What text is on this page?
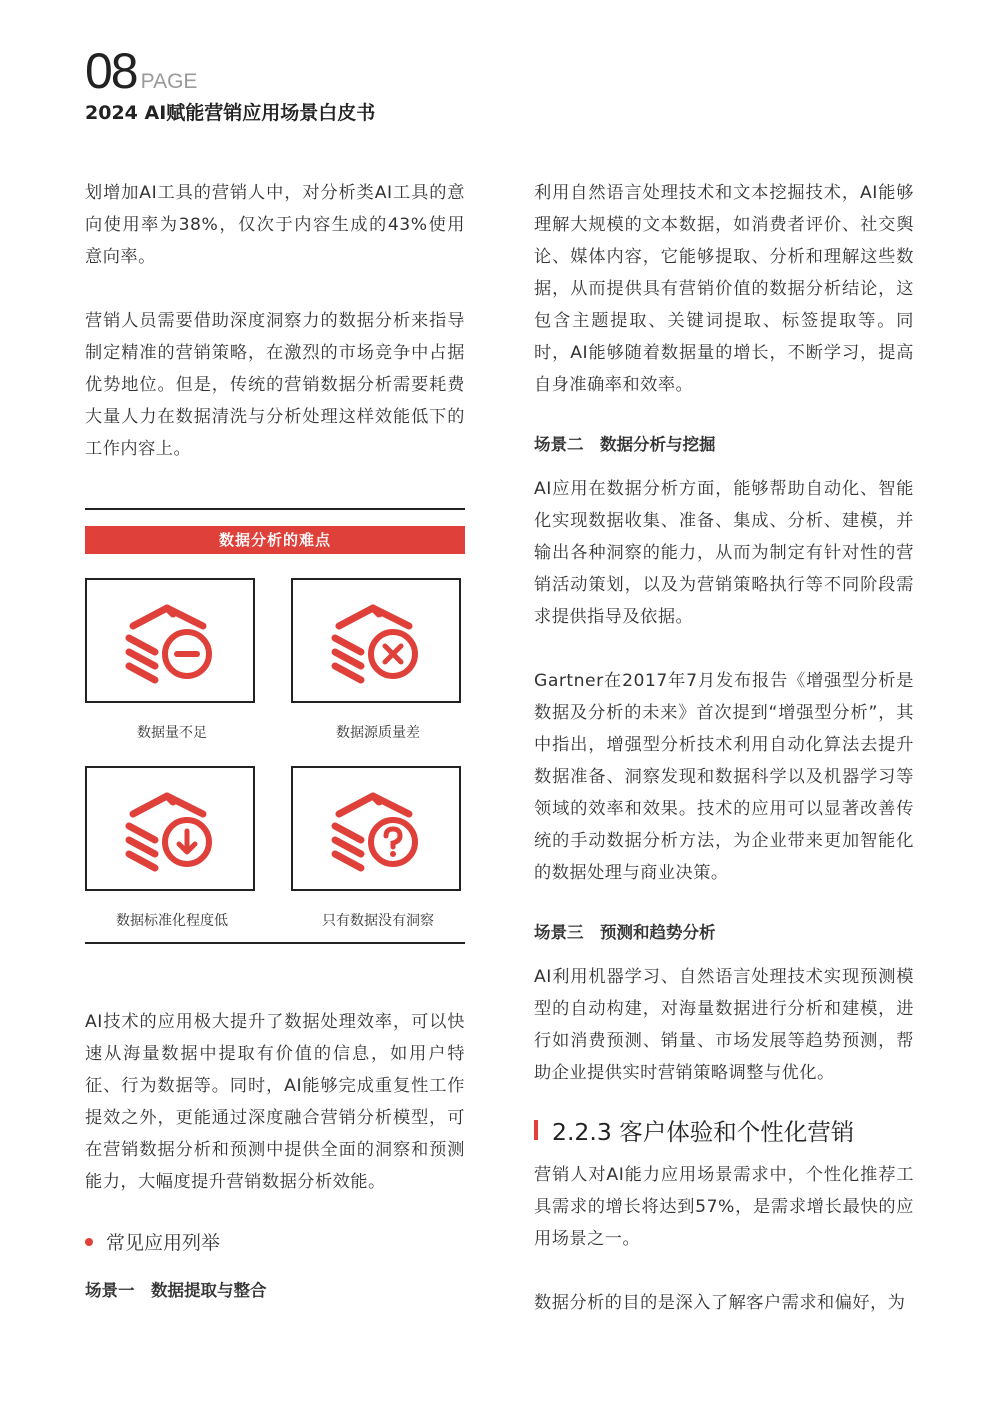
08 PAGE
2024 AI赋能营销应用场景白皮书

划增加AI工具的营销人中，对分析类AI工具的意向使用率为38%，仅次于内容生成的43%使用意向率。

营销人员需要借助深度洞察力的数据分析来指导制定精准的营销策略，在激烈的市场竞争中占据优势地位。但是，传统的营销数据分析需要耗费大量人力在数据清洗与分析处理这样效能低下的工作内容上。

数据分析的难点
数据量不足	数据源质量差
数据标准化程度低	只有数据没有洞察

AI技术的应用极大提升了数据处理效率，可以快速从海量数据中提取有价值的信息，如用户特征、行为数据等。同时，AI能够完成重复性工作提效之外，更能通过深度融合营销分析模型，可在营销数据分析和预测中提供全面的洞察和预测能力，大幅度提升营销数据分析效能。

常见应用列举
场景一　数据提取与整合

利用自然语言处理技术和文本挖掘技术，AI能够理解大规模的文本数据，如消费者评价、社交舆论、媒体内容，它能够提取、分析和理解这些数据，从而提供具有营销价值的数据分析结论，这包含主题提取、关键词提取、标签提取等。同时，AI能够随着数据量的增长，不断学习，提高自身准确率和效率。

场景二　数据分析与挖掘

AI应用在数据分析方面，能够帮助自动化、智能化实现数据收集、准备、集成、分析、建模，并输出各种洞察的能力，从而为制定有针对性的营销活动策划，以及为营销策略执行等不同阶段需求提供指导及依据。

Gartner在2017年7月发布报告《增强型分析是数据及分析的未来》首次提到“增强型分析”，其中指出，增强型分析技术利用自动化算法去提升数据准备、洞察发现和数据科学以及机器学习等领域的效率和效果。技术的应用可以显著改善传统的手动数据分析方法，为企业带来更加智能化的数据处理与商业决策。

场景三　预测和趋势分析

AI利用机器学习、自然语言处理技术实现预测模型的自动构建，对海量数据进行分析和建模，进行如消费预测、销量、市场发展等趋势预测，帮助企业提供实时营销策略调整与优化。

2.2.3 客户体验和个性化营销

营销人对AI能力应用场景需求中，个性化推荐工具需求的增长将达到57%，是需求增长最快的应用场景之一。

数据分析的目的是深入了解客户需求和偏好，为
